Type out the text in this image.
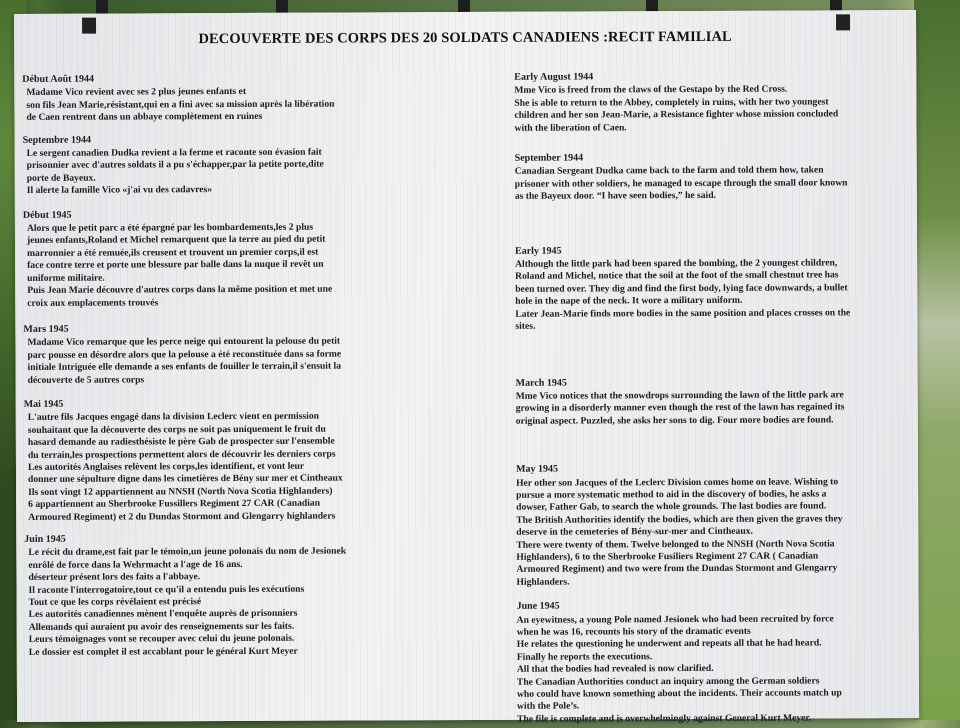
DECOUVERTE DES CORPS DES 20 SOLDATS CANADIENS :RECIT FAMILIAL
Début Août 1944
Madame Vico revient avec ses 2 plus jeunes enfants et
son fils Jean Marie,résistant,qui en a fini avec sa mission après la libération
de Caen rentrent dans un abbaye complètement en ruines
Septembre 1944
Le sergent canadien Dudka revient a la ferme et raconte son évasion fait
prisonnier avec d'autres soldats il a pu s'échapper,par la petite porte,dite
porte de Bayeux.
Il alerte la famille Vico «j'ai vu des cadavres»
Début 1945
Alors que le petit parc a été épargné par les bombardements,les 2 plus
jeunes enfants,Roland et Michel remarquent que la terre au pied du petit
marronnier a été remuée,ils creusent et trouvent un premier corps,il est
face contre terre et porte une blessure par balle dans la nuque il revêt un
uniforme militaire.
Puis Jean Marie découvre d'autres corps dans la même position et met une
croix aux emplacements trouvés
Mars 1945
Madame Vico remarque que les perce neige qui entourent la pelouse du petit
parc pousse en désordre alors que la pelouse a été reconstituée dans sa forme
initiale Intriguée elle demande a ses enfants de fouiller le terrain,il s'ensuit la
découverte de 5 autres corps
Mai 1945
L'autre fils Jacques engagé dans la division Leclerc vient en permission
souhaitant que la découverte des corps ne soit pas uniquement le fruit du
hasard demande au radiesthésiste le père Gab de prospecter sur l'ensemble
du terrain,les prospections permettent alors de découvrir les derniers corps
Les autorités Anglaises relèvent les corps,les identifient, et vont leur
donner une sépulture digne dans les cimetières de Bény sur mer et Cintheaux
Ils sont vingt 12 appartiennent au NNSH (North Nova Scotia Highlanders)
6 appartiennent au Sherbrooke Fussillers Regiment 27 CAR (Canadian
Armoured Regiment) et 2 du Dundas Stormont and Glengarry highlanders
Juin 1945
Le récit du drame,est fait par le témoin,un jeune polonais du nom de Jesionek
enrôlé de force dans la Wehrmacht a l'age de 16 ans.
déserteur présent lors des faits a l'abbaye.
Il raconte l'interrogatoire,tout ce qu'il a entendu puis les exécutions
Tout ce que les corps révélaient est précisé
Les autorités canadiennes mènent l'enquête auprès de prisonniers
Allemands qui auraient pu avoir des renseignements sur les faits.
Leurs témoignages vont se recouper avec celui du jeune polonais.
Le dossier est complet il est accablant pour le général Kurt Meyer
Early August 1944
Mme Vico is freed from the claws of the Gestapo by the Red Cross.
She is able to return to the Abbey, completely in ruins, with her two youngest
children and her son Jean-Marie, a Resistance fighter whose mission concluded
with the liberation of Caen.
September 1944
Canadian Sergeant Dudka came back to the farm and told them how, taken
prisoner with other soldiers, he managed to escape through the small door known
as the Bayeux door. “I have seen bodies,” he said.
Early 1945
Although the little park had been spared the bombing, the 2 youngest children,
Roland and Michel, notice that the soil at the foot of the small chestnut tree has
been turned over. They dig and find the first body, lying face downwards, a bullet
hole in the nape of the neck. It wore a military uniform.
Later Jean-Marie finds more bodies in the same position and places crosses on the
sites.
March 1945
Mme Vico notices that the snowdrops surrounding the lawn of the little park are
growing in a disorderly manner even though the rest of the lawn has regained its
original aspect. Puzzled, she asks her sons to dig. Four more bodies are found.
May 1945
Her other son Jacques of the Leclerc Division comes home on leave. Wishing to
pursue a more systematic method to aid in the discovery of bodies, he asks a
dowser, Father Gab, to search the whole grounds. The last bodies are found.
The British Authorities identify the bodies, which are then given the graves they
deserve in the cemeteries of Bény-sur-mer and Cintheaux.
There were twenty of them. Twelve belonged to the NNSH (North Nova Scotia
Highlanders), 6 to the Sherbrooke Fusiliers Regiment 27 CAR ( Canadian
Armoured Regiment) and two were from the Dundas Stormont and Glengarry
Highlanders.
June 1945
An eyewitness, a young Pole named Jesionek who had been recruited by force
when he was 16, recounts his story of the dramatic events
He relates the questioning he underwent and repeats all that he had heard.
Finally he reports the executions.
All that the bodies had revealed is now clarified.
The Canadian Authorities conduct an inquiry among the German soldiers
who could have known something about the incidents. Their accounts match up
with the Pole’s.
The file is complete and is overwhelmingly against General Kurt Meyer.
